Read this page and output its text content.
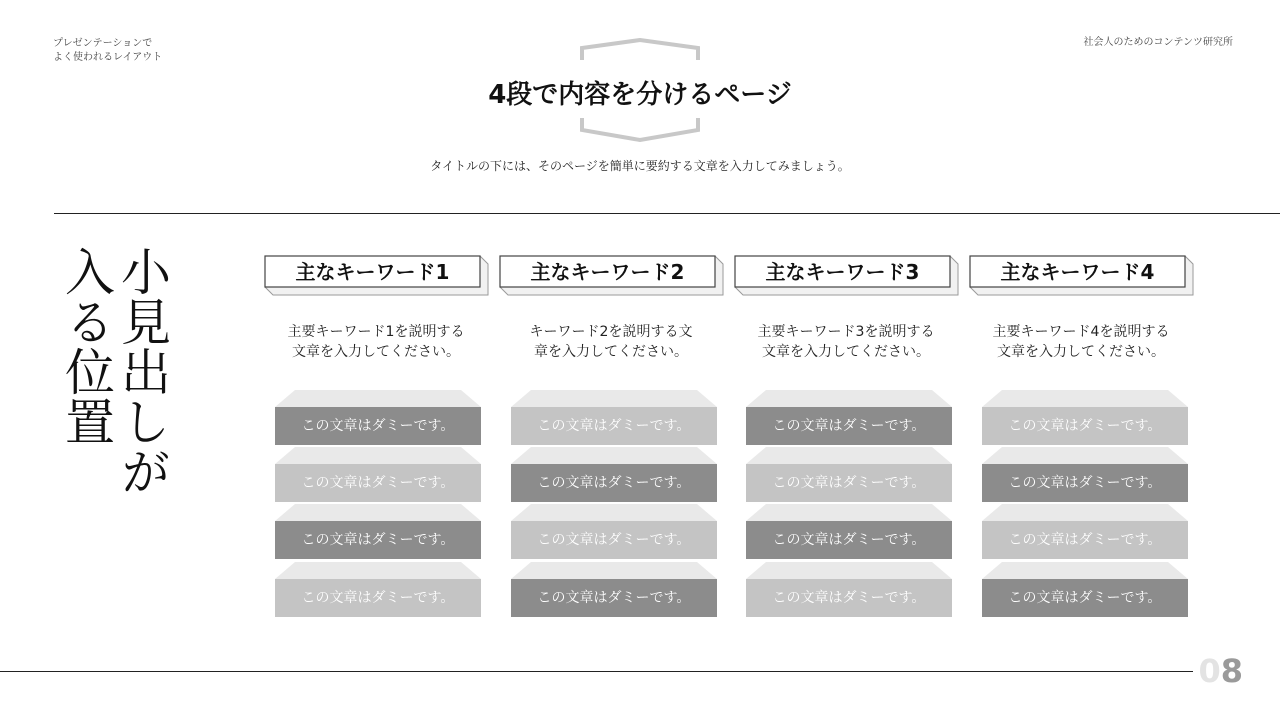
プレゼンテーションで
よく使われるレイアウト
社会人のためのコンテンツ研究所
4段で内容を分けるページ
タイトルの下には、そのページを簡単に要約する文章を入力してみましょう。
小見出しが
入る位置	主なキーワード1
主要キーワード1を説明する
文章を入力してください。
この文章はダミーです。
この文章はダミーです。
この文章はダミーです。
この文章はダミーです。
主なキーワード2
キーワード2を説明する文
章を入力してください。
この文章はダミーです。
この文章はダミーです。
この文章はダミーです。
この文章はダミーです。
主なキーワード3
主要キーワード3を説明する
文章を入力してください。
この文章はダミーです。
この文章はダミーです。
この文章はダミーです。
この文章はダミーです。
主なキーワード4
主要キーワード4を説明する
文章を入力してください。
この文章はダミーです。
この文章はダミーです。
この文章はダミーです。
この文章はダミーです。
08
